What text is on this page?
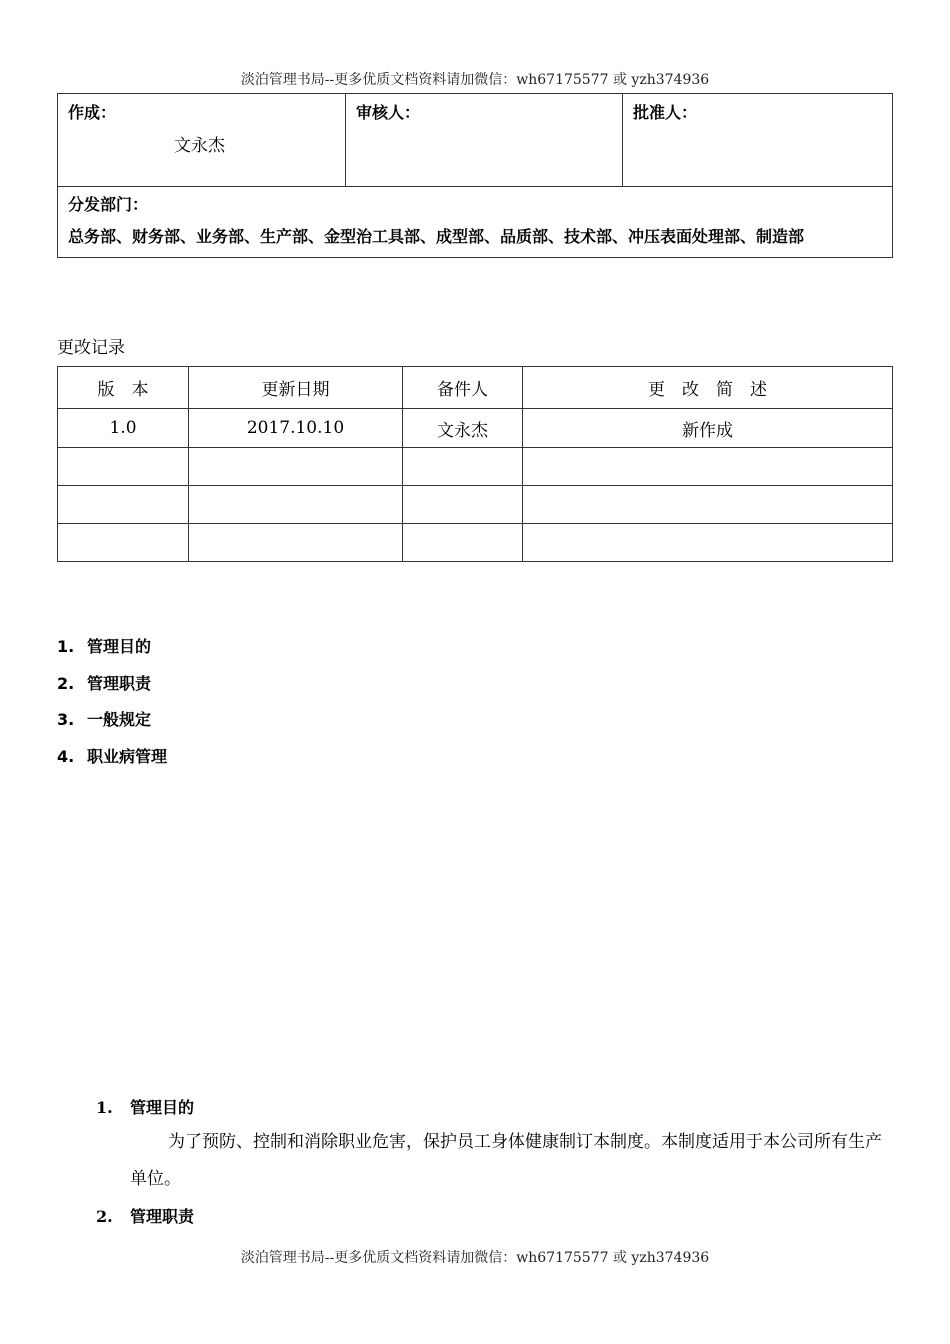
淡泊管理书局--更多优质文档资料请加微信：wh67175577 或 yzh374936
作成：
文永杰

审核人：	批准人：

分发部门：
总务部、财务部、业务部、生产部、金型治工具部、成型部、品质部、技术部、冲压表面处理部、制造部
更改记录
版　本	更新日期	备件人	更　改　简　述
1.0	2017.10.10	文永杰	新作成

1. 管理目的
2. 管理职责
3. 一般规定
4. 职业病管理
1. 管理目的
为了预防、控制和消除职业危害，保护员工身体健康制订本制度。本制度适用于本公司所有生产单位。
2. 管理职责
淡泊管理书局--更多优质文档资料请加微信：wh67175577 或 yzh374936
